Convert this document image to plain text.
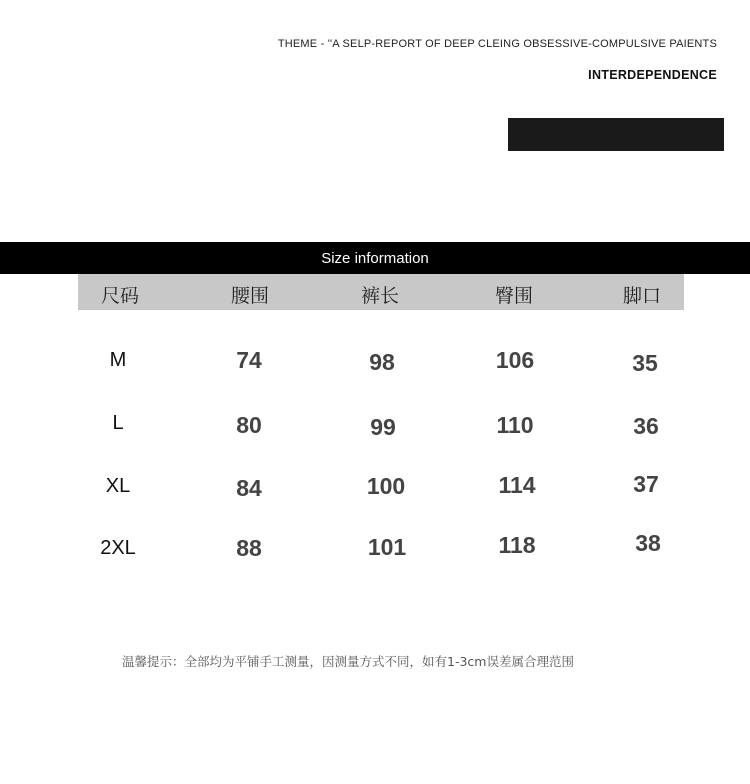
THEME - ''A SELP-REPORT OF DEEP CLEING OBSESSIVE-COMPULSIVE PAIENTS
INTERDEPENDENCE
Size information
尺码	腰围	裤长	臀围	脚口
M	74	98	106	35
L	80	99	110	36
XL	84	100	114	37
2XL	88	101	118	38
温馨提示：全部均为平铺手工测量，因测量方式不同，如有1-3cm误差属合理范围
